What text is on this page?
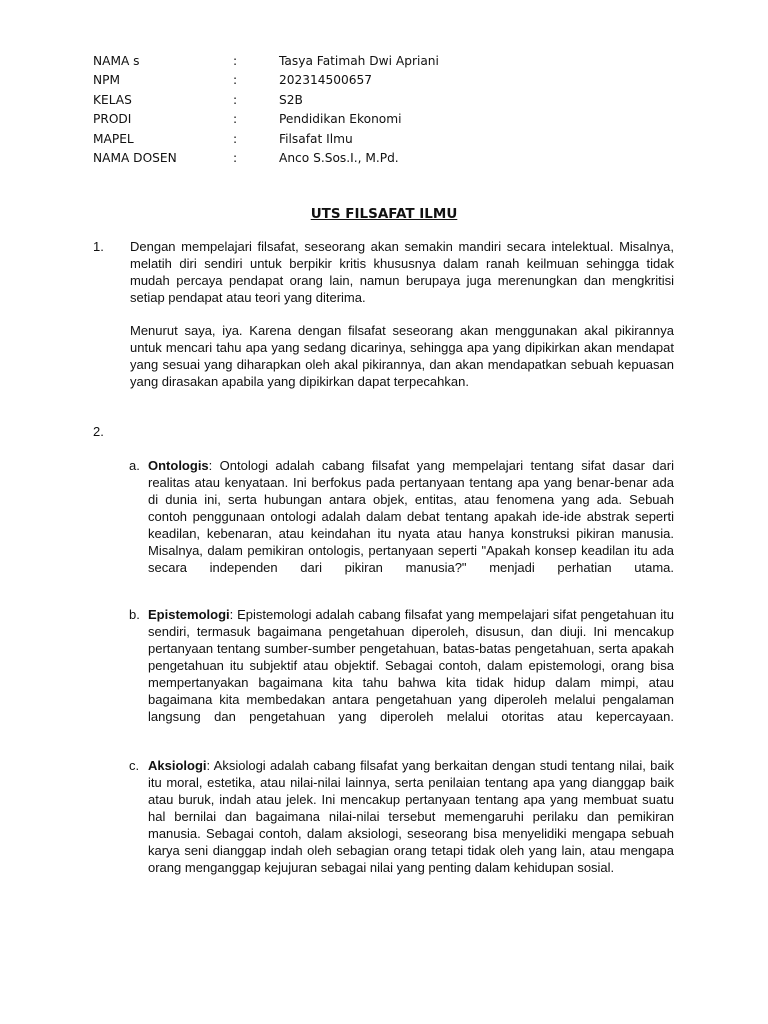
NAMA s	:	Tasya Fatimah Dwi Apriani
NPM	:	202314500657
KELAS	:	S2B
PRODI	:	Pendidikan Ekonomi
MAPEL	:	Filsafat Ilmu
NAMA DOSEN	:	Anco S.Sos.I., M.Pd.
UTS FILSAFAT ILMU
1. Dengan mempelajari filsafat, seseorang akan semakin mandiri secara intelektual. Misalnya, melatih diri sendiri untuk berpikir kritis khususnya dalam ranah keilmuan sehingga tidak mudah percaya pendapat orang lain, namun berupaya juga merenungkan dan mengkritisi setiap pendapat atau teori yang diterima.

Menurut saya, iya. Karena dengan filsafat seseorang akan menggunakan akal pikirannya untuk mencari tahu apa yang sedang dicarinya, sehingga apa yang dipikirkan akan mendapat yang sesuai yang diharapkan oleh akal pikirannya, dan akan mendapatkan sebuah kepuasan yang dirasakan apabila yang dipikirkan dapat terpecahkan.

2.
a. Ontologis: Ontologi adalah cabang filsafat yang mempelajari tentang sifat dasar dari realitas atau kenyataan. Ini berfokus pada pertanyaan tentang apa yang benar-benar ada di dunia ini, serta hubungan antara objek, entitas, atau fenomena yang ada. Sebuah contoh penggunaan ontologi adalah dalam debat tentang apakah ide-ide abstrak seperti keadilan, kebenaran, atau keindahan itu nyata atau hanya konstruksi pikiran manusia. Misalnya, dalam pemikiran ontologis, pertanyaan seperti "Apakah konsep keadilan itu ada secara independen dari pikiran manusia?" menjadi perhatian utama.

b. Epistemologi: Epistemologi adalah cabang filsafat yang mempelajari sifat pengetahuan itu sendiri, termasuk bagaimana pengetahuan diperoleh, disusun, dan diuji. Ini mencakup pertanyaan tentang sumber-sumber pengetahuan, batas-batas pengetahuan, serta apakah pengetahuan itu subjektif atau objektif. Sebagai contoh, dalam epistemologi, orang bisa mempertanyakan bagaimana kita tahu bahwa kita tidak hidup dalam mimpi, atau bagaimana kita membedakan antara pengetahuan yang diperoleh melalui pengalaman langsung dan pengetahuan yang diperoleh melalui otoritas atau kepercayaan.

c. Aksiologi: Aksiologi adalah cabang filsafat yang berkaitan dengan studi tentang nilai, baik itu moral, estetika, atau nilai-nilai lainnya, serta penilaian tentang apa yang dianggap baik atau buruk, indah atau jelek. Ini mencakup pertanyaan tentang apa yang membuat suatu hal bernilai dan bagaimana nilai-nilai tersebut memengaruhi perilaku dan pemikiran manusia. Sebagai contoh, dalam aksiologi, seseorang bisa menyelidiki mengapa sebuah karya seni dianggap indah oleh sebagian orang tetapi tidak oleh yang lain, atau mengapa orang menganggap kejujuran sebagai nilai yang penting dalam kehidupan sosial.
